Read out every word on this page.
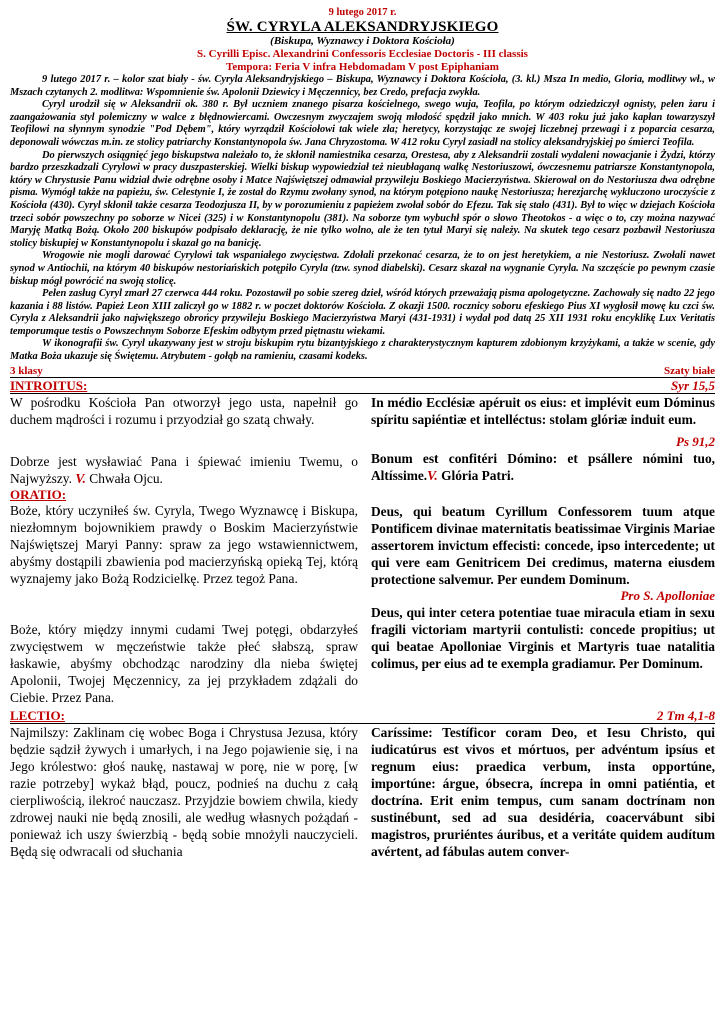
9 lutego 2017 r.
ŚW. CYRYLA ALEKSANDRYJSKIEGO
(Biskupa, Wyznawcy i Doktora Kościoła)
S. Cyrilli Episc. Alexandrini Confessoris Ecclesiae Doctoris - III classis
Tempora: Feria V infra Hebdomadam V post Epiphaniam

9 lutego 2017 r. – kolor szat biały - św. Cyryla Aleksandryjskiego – Biskupa, Wyznawcy i Doktora Kościoła, (3. kl.) Msza In medio, Gloria, modlitwy wł., w Mszach czytanych 2. modlitwa: Wspomnienie św. Apolonii Dziewicy i Męczennicy, bez Credo, prefacja zwykła.

Cyryl urodził się w Aleksandrii ok. 380 r. Był uczniem znanego pisarza kościelnego, swego wuja, Teofila, po którym odziedziczył ognisty, pełen żaru i zaangażowania styl polemiczny w walce z błędnowiercami. Owczesnym zwyczajem swoją młodość spędził jako mnich. W 403 roku już jako kapłan towarzyszył Teofilowi na słynnym synodzie "Pod Dębem", który wyrządził Kościołowi tak wiele zła; heretycy, korzystając ze swojej liczebnej przewagi i z poparcia cesarza, deponowali wówczas m.in. ze stolicy patriarchy Konstantynopola św. Jana Chryzostoma. W 412 roku Cyryl zasiadł na stolicy aleksandryjskiej po śmierci Teofila.

Do pierwszych osiągnięć jego biskupstwa należało to, że skłonił namiestnika cesarza, Orestesa, aby z Aleksandrii zostali wydaleni nowacjanie i Żydzi, którzy bardzo przeszkadzali Cyrylowi w pracy duszpasterskiej. Wielki biskup wypowiedział też nieubłaganą walkę Nestoriuszowi, ówczesnemu patriarsze Konstantynopola, który w Chrystusie Panu widział dwie odrębne osoby i Matce Najświętszej odmawiał przywileju Boskiego Macierzyństwa. Skierował on do Nestoriusza dwa odrębne pisma. Wymógł także na papieżu, św. Celestynie I, że został do Rzymu zwołany synod, na którym potępiono naukę Nestoriusza; herezjarchę wykluczono uroczyście z Kościoła (430). Cyryl skłonił także cesarza Teodozjusza II, by w porozumieniu z papieżem zwołał sobór do Efezu. Tak się stało (431). Był to więc w dziejach Kościoła trzeci sobór powszechny po soborze w Nicei (325) i w Konstantynopolu (381). Na soborze tym wybuchł spór o słowo Theotokos - a więc o to, czy można nazywać Maryję Matką Bożą. Około 200 biskupów podpisało deklarację, że nie tylko wolno, ale że ten tytuł Maryi się należy. Na skutek tego cesarz pozbawił Nestoriusza stolicy biskupiej w Konstantynopolu i skazał go na banicję.

Wrogowie nie mogli darować Cyrylowi tak wspaniałego zwycięstwa. Zdołali przekonać cesarza, że to on jest heretykiem, a nie Nestoriusz. Zwołali nawet synod w Antiochii, na którym 40 biskupów nestoriańskich potępiło Cyryla (tzw. synod diabelski). Cesarz skazał na wygnanie Cyryla. Na szczęście po pewnym czasie biskup mógł powrócić na swoją stolicę.

Pełen zasług Cyryl zmarł 27 czerwca 444 roku. Pozostawił po sobie szereg dzieł, wśród których przeważają pisma apologetyczne. Zachowały się nadto 22 jego kazania i 88 listów. Papież Leon XIII zaliczył go w 1882 r. w poczet doktorów Kościoła. Z okazji 1500. rocznicy soboru efeskiego Pius XI wygłosił mowę ku czci św. Cyryla z Aleksandrii jako największego obrońcy przywileju Boskiego Macierzyństwa Maryi (431-1931) i wydał pod datą 25 XII 1931 roku encyklikę Lux Veritatis temporumque testis o Powszechnym Soborze Efeskim odbytym przed piętnastu wiekami.

W ikonografii św. Cyryl ukazywany jest w stroju biskupim rytu bizantyjskiego z charakterystycznym kapturem zdobionym krzyżykami, a także w scenie, gdy Matka Boża ukazuje się Świętemu. Atrybutem - gołąb na ramieniu, czasami kodeks.

3 klasy	Szaty białe
INTROITUS:	Syr 15,5

W pośrodku Kościoła Pan otworzył jego usta, napełnił go duchem mądrości i rozumu i przyodział go szatą chwały.

Dobrze jest wysławiać Pana i śpiewać imieniu Twemu, o Najwyższy. V. Chwała Ojcu.

In médio Ecclésiæ apéruit os eius: et implévit eum Dóminus spíritu sapiéntiæ et intelléctus: stolam glóriæ induit eum.

Ps 91,2

Bonum est confitéri Dómino: et psállere nómini tuo, Altíssime.V. Glória Patri.

ORATIO:

Boże, który uczyniłeś św. Cyryla, Twego Wyznawcę i Biskupa, niezłomnym bojownikiem prawdy o Boskim Macierzyństwie Najświętszej Maryi Panny: spraw za jego wstawiennictwem, abyśmy dostąpili zbawienia pod macierzyńską opieką Tej, którą wyznajemy jako Bożą Rodzicielkę. Przez tegoż Pana.

Boże, który między innymi cudami Twej potęgi, obdarzyłeś zwycięstwem w męczeństwie także płeć słabszą, spraw łaskawie, abyśmy obchodząc narodziny dla nieba świętej Apolonii, Twojej Męczennicy, za jej przykładem zdążali do Ciebie. Przez Pana.

Deus, qui beatum Cyrillum Confessorem tuum atque Pontificem divinae maternitatis beatissimae Virginis Mariae assertorem invictum effecisti: concede, ipso intercedente; ut qui vere eam Genitricem Dei credimus, materna eiusdem protectione salvemur. Per eundem Dominum.

Pro S. Apolloniae

Deus, qui inter cetera potentiae tuae miracula etiam in sexu fragili victoriam martyrii contulisti: concede propitius; ut qui beatae Apolloniae Virginis et Martyris tuae natalitia colimus, per eius ad te exempla gradiamur. Per Dominum.

LECTIO:	2 Tm 4,1-8

Najmilszy: Zaklinam cię wobec Boga i Chrystusa Jezusa, który będzie sądził żywych i umarłych, i na Jego pojawienie się, i na Jego królestwo: głoś naukę, nastawaj w porę, nie w porę, [w razie potrzeby] wykaż błąd, poucz, podnieś na duchu z całą cierpliwością, ilekroć nauczasz. Przyjdzie bowiem chwila, kiedy zdrowej nauki nie będą znosili, ale według własnych pożądań - ponieważ ich uszy świerzbią - będą sobie mnożyli nauczycieli. Będą się odwracali od słuchania

Caríssime: Testíficor coram Deo, et Iesu Christo, qui iudicatúrus est vivos et mórtuos, per advéntum ipsíus et regnum eius: praedica verbum, insta opportúne, importúne: árgue, óbsecra, íncrepa in omni patiéntia, et doctrína. Erit enim tempus, cum sanam doctrínam non sustinébunt, sed ad sua desidéria, coacervábunt sibi magistros, pruriéntes áuribus, et a veritáte quidem audítum avértent, ad fábulas autem conver-
